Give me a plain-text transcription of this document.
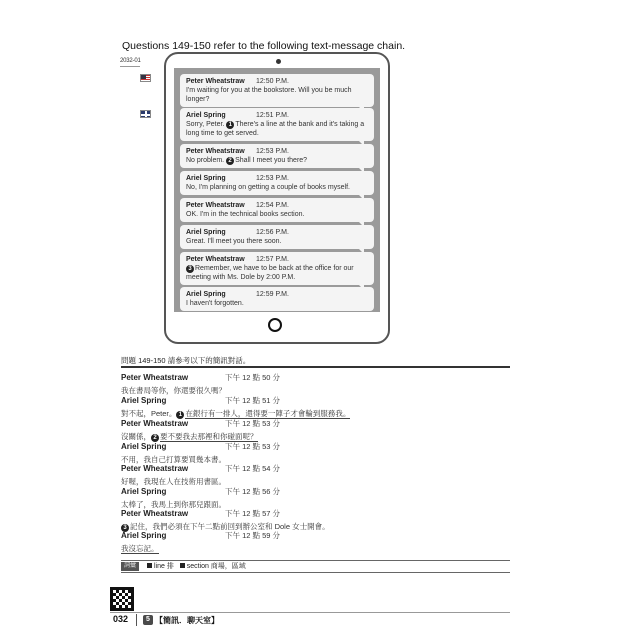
Questions 149-150 refer to the following text-message chain.
2032-01
Peter Wheatstraw 12:50 P.M.
I'm waiting for you at the bookstore. Will you be much longer?
Ariel Spring	12:51 P.M.
Sorry, Peter. 1 There's a line at the bank and it's taking a long time to get served.
Peter Wheatstraw 12:53 P.M.
No problem. 2 Shall I meet you there?
Ariel Spring	12:53 P.M.
No, I'm planning on getting a couple of books myself.
Peter Wheatstraw 12:54 P.M.
OK. I'm in the technical books section.
Ariel Spring	12:56 P.M.
Great. I'll meet you there soon.
Peter Wheatstraw 12:57 P.M.
3 Remember, we have to be back at the office for our meeting with Ms. Dole by 2:00 P.M.
Ariel Spring	12:59 P.M.
I haven't forgotten.
問題 149-150 請參考以下的簡訊對話。
Peter Wheatstraw	下午 12 點 50 分
我在書局等你，你還要很久嗎？
Ariel Spring	下午 12 點 51 分
對不起，Peter。 1 在銀行有一排人，還得要一陣子才會輪到服務我。
Peter Wheatstraw	下午 12 點 53 分
沒關係， 2 要不要我去那裡和你碰面呢？
Ariel Spring	下午 12 點 53 分
不用，我自己打算要買幾本書。
Peter Wheatstraw	下午 12 點 54 分
好喔，我現在人在技術用書區。
Ariel Spring	下午 12 點 56 分
太棒了，我馬上到你那兒跟面。
Peter Wheatstraw	下午 12 點 57 分
3 記住，我們必須在下午二點前回到辦公室和 Dole 女士開會。
Ariel Spring	下午 12 點 59 分
我沒忘記。
詞彙	line 排 section 商場，區域
032	5 【簡訊．聊天室】
